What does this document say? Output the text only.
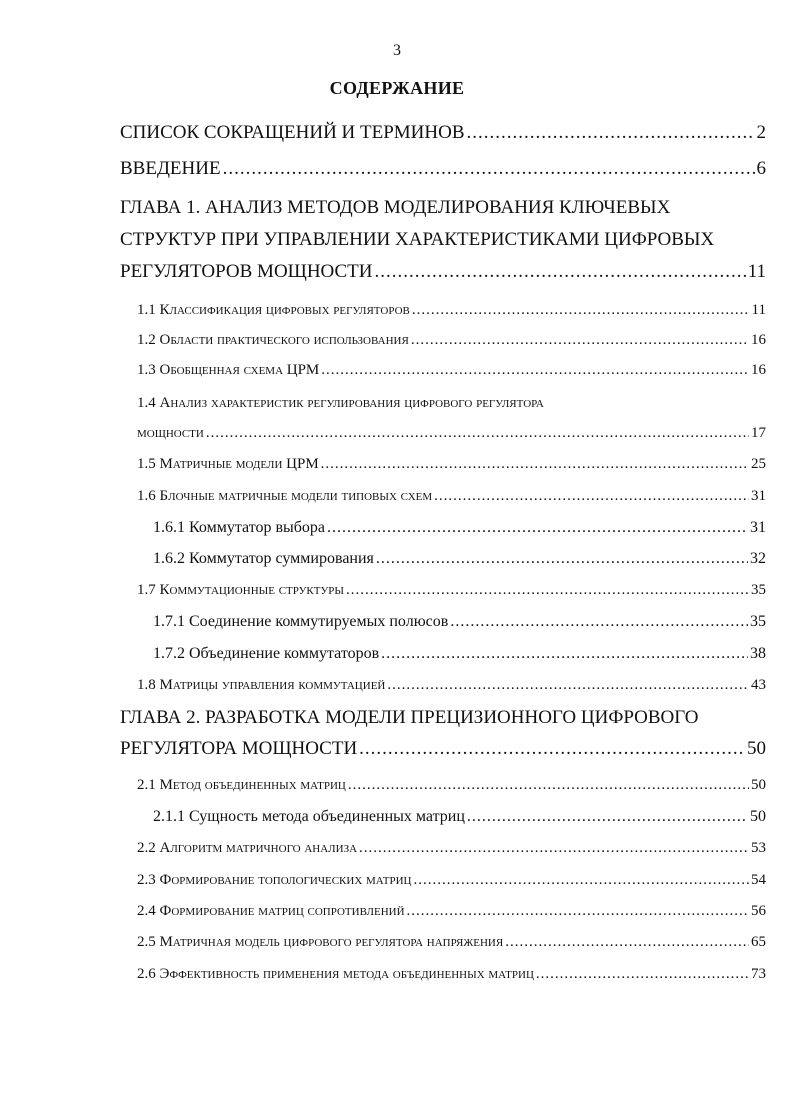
3
СОДЕРЖАНИЕ
СПИСОК СОКРАЩЕНИЙ И ТЕРМИНОВ .....	2
ВВЕДЕНИЕ .....	6
ГЛАВА 1. АНАЛИЗ МЕТОДОВ МОДЕЛИРОВАНИЯ КЛЮЧЕВЫХ
СТРУКТУР ПРИ УПРАВЛЕНИИ ХАРАКТЕРИСТИКАМИ ЦИФРОВЫХ
РЕГУЛЯТОРОВ МОЩНОСТИ .....	11
1.1 Классификация цифровых регуляторов .....	11
1.2 Области практического использования .....	16
1.3 Обобщенная схема ЦРМ .....	16
1.4 Анализ характеристик регулирования цифрового регулятора
мощности .....	17
1.5 Матричные модели ЦРМ .....	25
1.6 Блочные матричные модели типовых схем .....	31
1.6.1 Коммутатор выбора .....	31
1.6.2 Коммутатор суммирования .....	32
1.7 Коммутационные структуры .....	35
1.7.1 Соединение коммутируемых полюсов .....	35
1.7.2 Объединение коммутаторов .....	38
1.8 Матрицы управления коммутацией .....	43
ГЛАВА 2. РАЗРАБОТКА МОДЕЛИ ПРЕЦИЗИОННОГО ЦИФРОВОГО
РЕГУЛЯТОРА МОЩНОСТИ .....	50
2.1 Метод объединенных матриц .....	50
2.1.1 Сущность метода объединенных матриц .....	50
2.2 Алгоритм матричного анализа .....	53
2.3 Формирование топологических матриц .....	54
2.4 Формирование матриц сопротивлений .....	56
2.5 Матричная модель цифрового регулятора напряжения .....	65
2.6 Эффективность применения метода объединенных матриц .....	73
